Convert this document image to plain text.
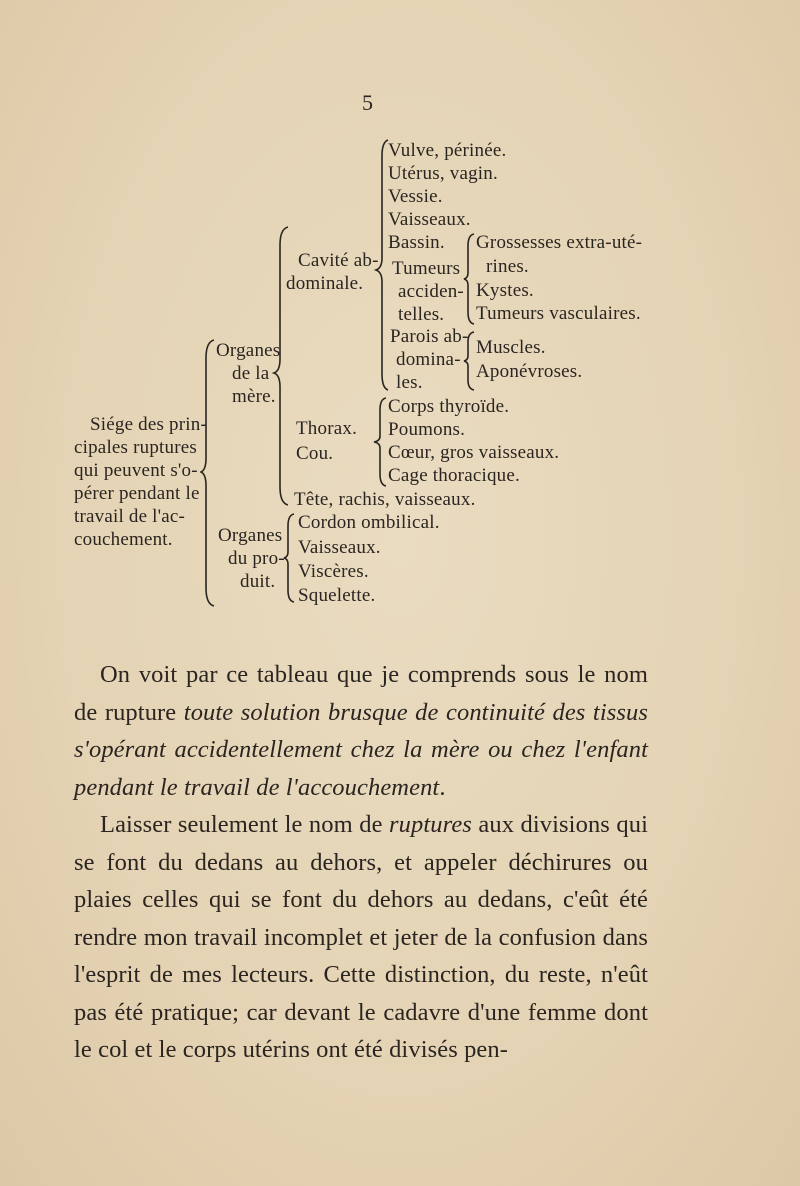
5
Siége des prin-
cipales ruptures
qui peuvent s'o-
pérer pendant le
travail de l'ac-
couchement.
Organes
de la
mère.
Organes
du pro-
duit.
Cordon ombilical.
Vaisseaux.
Viscères.
Squelette.
Cavité ab-
dominale.
Vulve, périnée.
Utérus, vagin.
Vessie.
Vaisseaux.
Bassin.
Tumeurs
acciden-
telles.
Grossesses extra-uté-
rines.
Kystes.
Tumeurs vasculaires.
Parois ab-
domina-
les.
Muscles.
Aponévroses.
Thorax.
Cou.
Corps thyroïde.
Poumons.
Cœur, gros vaisseaux.
Cage thoracique.
Tête, rachis, vaisseaux.

On voit par ce tableau que je comprends sous le nom de rupture toute solution brusque de continuité des tissus s'opérant accidentellement chez la mère ou chez l'enfant pendant le travail de l'accouchement.

Laisser seulement le nom de ruptures aux divisions qui se font du dedans au dehors, et appeler déchirures ou plaies celles qui se font du dehors au dedans, c'eût été rendre mon travail incomplet et jeter de la confusion dans l'esprit de mes lecteurs. Cette distinction, du reste, n'eût pas été pratique; car devant le cadavre d'une femme dont le col et le corps utérins ont été divisés pen-
